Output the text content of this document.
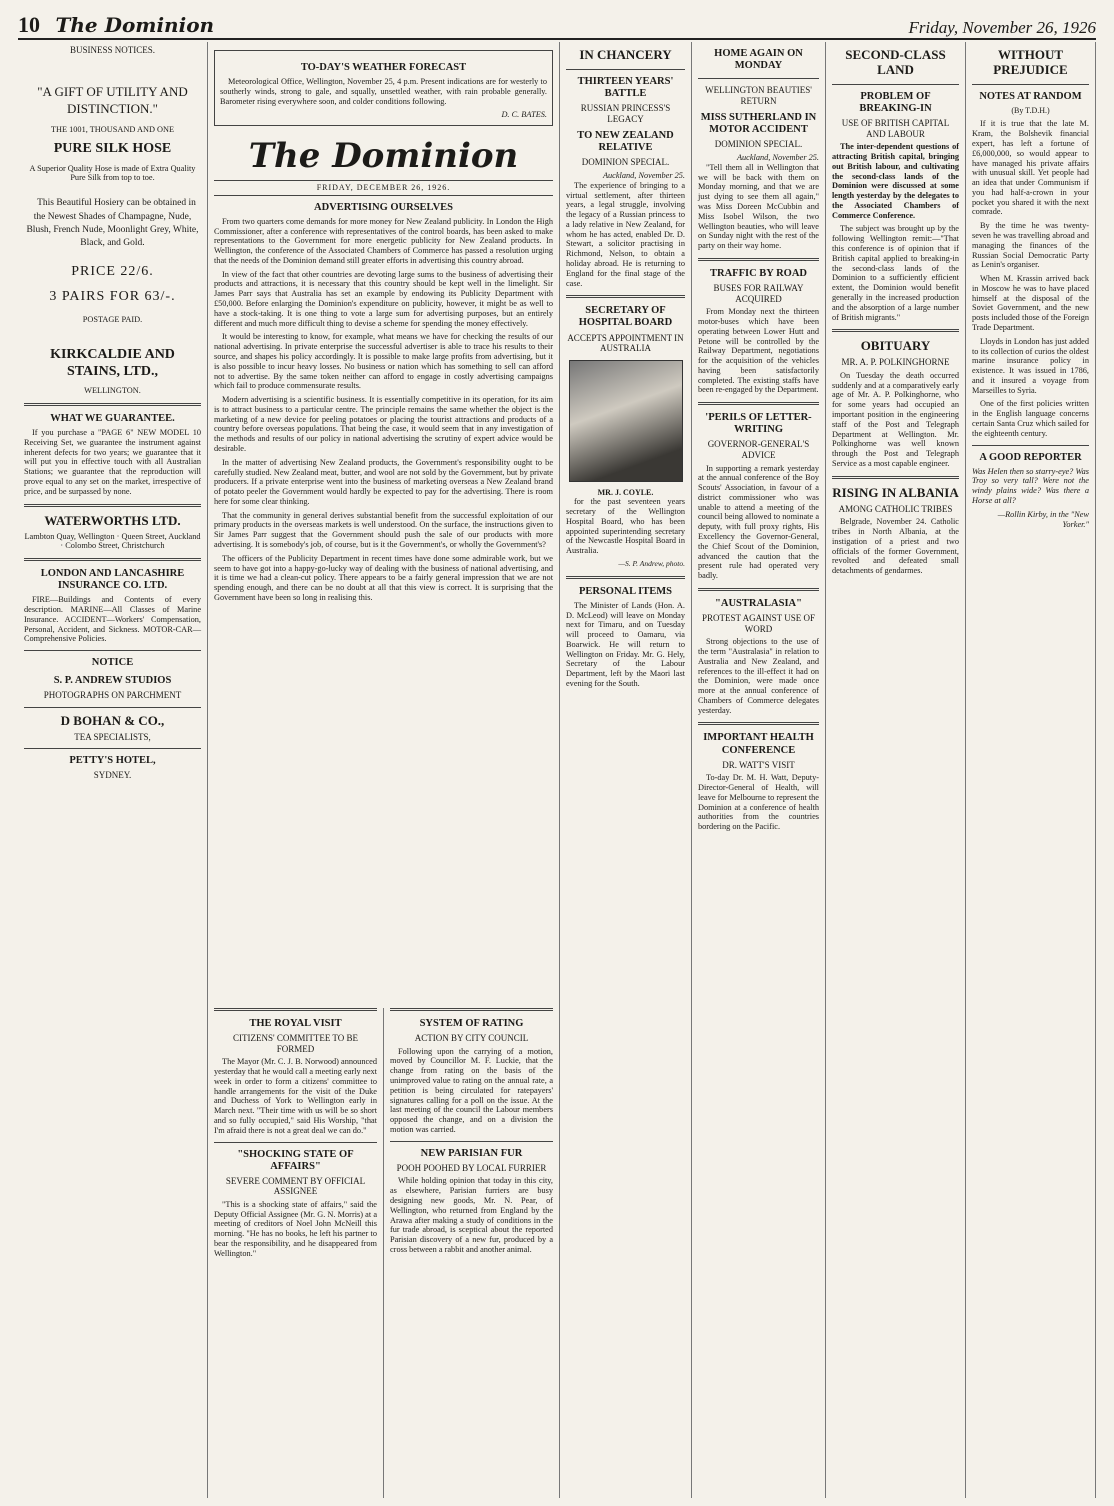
10 The Dominion	Friday, November 26, 1926
BUSINESS NOTICES.
"A GIFT OF UTILITY AND DISTINCTION."
THE 1001, THOUSAND AND ONE
PURE SILK HOSE

A Superior Quality Hose is made of Extra Quality Pure Silk from top to toe.

This Beautiful Hosiery can be obtained in the Newest Shades of Champagne, Nude, Blush, French Nude, Moonlight Grey, White, Black, and Gold.

PRICE 22/6.
3 PAIRS FOR 63/-.
POSTAGE PAID.
KIRKCALDIE AND STAINS, LTD.,
WELLINGTON.
WHAT WE GUARANTEE.

If you purchase a "PAGE 6" NEW MODEL 10 Receiving Set, we guarantee the instrument against inherent defects for two years; we guarantee that it will put you in effective touch with all Australian Stations; we guarantee that the reproduction will prove equal to any set on the market, irrespective of price, and be surpassed by none.

WATERWORTHS LTD.

Lambton Quay, Wellington · Queen Street, Auckland · Colombo Street, Christchurch

LONDON AND LANCASHIRE INSURANCE CO. LTD.

FIRE—Buildings and Contents of every description. MARINE—All Classes of Marine Insurance. ACCIDENT—Workers' Compensation, Personal, Accident, and Sickness. MOTOR-CAR—Comprehensive Policies.

NOTICE
S. P. ANDREW STUDIOS
PHOTOGRAPHS ON PARCHMENT
D BOHAN & CO.,
TEA SPECIALISTS,
PETTY'S HOTEL,
SYDNEY.
TO-DAY'S WEATHER FORECAST

Meteorological Office, Wellington, November 25, 4 p.m. Present indications are for westerly to southerly winds, strong to gale, and squally, unsettled weather, with rain probable generally. Barometer rising everywhere soon, and colder conditions following.

D. C. BATES.
The Dominion
FRIDAY, DECEMBER 26, 1926.
ADVERTISING OURSELVES

From two quarters come demands for more money for New Zealand publicity. In London the High Commissioner, after a conference with representatives of the control boards, has been asked to make representations to the Government for more energetic publicity for New Zealand products. In Wellington, the conference of the Associated Chambers of Commerce has passed a resolution urging that the needs of the Dominion demand still greater efforts in advertising this country abroad.

In view of the fact that other countries are devoting large sums to the business of advertising their products and attractions, it is necessary that this country should be kept well in the limelight. Sir James Parr says that Australia has set an example by endowing its Publicity Department with £50,000. Before enlarging the Dominion's expenditure on publicity, however, it might be as well to have a stock-taking. It is one thing to vote a large sum for advertising purposes, but an entirely different and much more difficult thing to devise a scheme for spending the money effectively.

It would be interesting to know, for example, what means we have for checking the results of our national advertising. In private enterprise the successful advertiser is able to trace his results to their source, and shapes his policy accordingly. It is possible to make large profits from advertising, but it is also possible to incur heavy losses. No business or nation which has something to sell can afford not to advertise. By the same token neither can afford to engage in costly advertising campaigns which fail to produce commensurate results.

Modern advertising is a scientific business. It is essentially competitive in its operation, for its aim is to attract business to a particular centre. The principle remains the same whether the object is the marketing of a new device for peeling potatoes or placing the tourist attractions and products of a country before overseas populations. That being the case, it would seem that in any investigation of the methods and results of our policy in national advertising the scrutiny of expert advice would be desirable.

In the matter of advertising New Zealand products, the Government's responsibility ought to be carefully studied. New Zealand meat, butter, and wool are not sold by the Government, but by private producers. If a private enterprise went into the business of marketing overseas a New Zealand brand of potato peeler the Government would hardly be expected to pay for the advertising. There is room here for some clear thinking.

That the community in general derives substantial benefit from the successful exploitation of our primary products in the overseas markets is well understood. On the surface, the instructions given to Sir James Parr suggest that the Government should push the sale of our products with more advertising. It is somebody's job, of course, but is it the Government's, or wholly the Government's?

The officers of the Publicity Department in recent times have done some admirable work, but we seem to have got into a happy-go-lucky way of dealing with the business of national advertising, and it is time we had a clean-cut policy. There appears to be a fairly general impression that we are not spending enough, and there can be no doubt at all that this view is correct. It is surprising that the Government have been so long in realising this.

THE ROYAL VISIT
CITIZENS' COMMITTEE TO BE FORMED

The Mayor (Mr. C. J. B. Norwood) announced yesterday that he would call a meeting early next week in order to form a citizens' committee to handle arrangements for the visit of the Duke and Duchess of York to Wellington early in March next. "Their time with us will be so short and so fully occupied," said His Worship, "that I'm afraid there is not a great deal we can do."

"SHOCKING STATE OF AFFAIRS"
SEVERE COMMENT BY OFFICIAL ASSIGNEE

"This is a shocking state of affairs," said the Deputy Official Assignee (Mr. G. N. Morris) at a meeting of creditors of Noel John McNeill this morning. "He has no books, he left his partner to bear the responsibility, and he disappeared from Wellington."

SYSTEM OF RATING
ACTION BY CITY COUNCIL

Following upon the carrying of a motion, moved by Councillor M. F. Luckie, that the change from rating on the basis of the unimproved value to rating on the annual rate, a petition is being circulated for ratepayers' signatures calling for a poll on the issue. At the last meeting of the council the Labour members opposed the change, and on a division the motion was carried.

NEW PARISIAN FUR
POOH POOHED BY LOCAL FURRIER

While holding opinion that today in this city, as elsewhere, Parisian furriers are busy designing new goods, Mr. N. Pear, of Wellington, who returned from England by the Arawa after making a study of conditions in the fur trade abroad, is sceptical about the reported Parisian discovery of a new fur, produced by a cross between a rabbit and another animal.

IN CHANCERY
THIRTEEN YEARS' BATTLE
RUSSIAN PRINCESS'S LEGACY
TO NEW ZEALAND RELATIVE
DOMINION SPECIAL.
Auckland, November 25.

The experience of bringing to a virtual settlement, after thirteen years, a legal struggle, involving the legacy of a Russian princess to a lady relative in New Zealand, for whom he has acted, enabled Dr. D. Stewart, a solicitor practising in Richmond, Nelson, to obtain a holiday abroad. He is returning to England for the final stage of the case.

SECRETARY OF HOSPITAL BOARD
ACCEPTS APPOINTMENT IN AUSTRALIA
MR. J. COYLE.

for the past seventeen years secretary of the Wellington Hospital Board, who has been appointed superintending secretary of the Newcastle Hospital Board in Australia.

—S. P. Andrew, photo.
PERSONAL ITEMS

The Minister of Lands (Hon. A. D. McLeod) will leave on Monday next for Timaru, and on Tuesday will proceed to Oamaru, via Boarwick. He will return to Wellington on Friday. Mr. G. Hely, Secretary of the Labour Department, left by the Maori last evening for the South.

HOME AGAIN ON MONDAY
WELLINGTON BEAUTIES' RETURN
MISS SUTHERLAND IN MOTOR ACCIDENT
DOMINION SPECIAL.
Auckland, November 25.

"Tell them all in Wellington that we will be back with them on Monday morning, and that we are just dying to see them all again," was Miss Doreen McCubbin and Miss Isobel Wilson, the two Wellington beauties, who will leave on Sunday night with the rest of the party on their way home.

TRAFFIC BY ROAD
BUSES FOR RAILWAY ACQUIRED

From Monday next the thirteen motor-buses which have been operating between Lower Hutt and Petone will be controlled by the Railway Department, negotiations for the acquisition of the vehicles having been satisfactorily completed. The existing staffs have been re-engaged by the Department.

'PERILS OF LETTER-WRITING
GOVERNOR-GENERAL'S ADVICE

In supporting a remark yesterday at the annual conference of the Boy Scouts' Association, in favour of a district commissioner who was unable to attend a meeting of the council being allowed to nominate a deputy, with full proxy rights, His Excellency the Governor-General, the Chief Scout of the Dominion, advanced the caution that the present rule had operated very badly.

"AUSTRALASIA"
PROTEST AGAINST USE OF WORD

Strong objections to the use of the term "Australasia" in relation to Australia and New Zealand, and references to the ill-effect it had on the Dominion, were made once more at the annual conference of Chambers of Commerce delegates yesterday.

IMPORTANT HEALTH CONFERENCE
DR. WATT'S VISIT

To-day Dr. M. H. Watt, Deputy-Director-General of Health, will leave for Melbourne to represent the Dominion at a conference of health authorities from the countries bordering on the Pacific.

SECOND-CLASS LAND
PROBLEM OF BREAKING-IN
USE OF BRITISH CAPITAL AND LABOUR

The inter-dependent questions of attracting British capital, bringing out British labour, and cultivating the second-class lands of the Dominion were discussed at some length yesterday by the delegates to the Associated Chambers of Commerce Conference.

The subject was brought up by the following Wellington remit:—"That this conference is of opinion that if British capital applied to breaking-in the second-class lands of the Dominion to a sufficiently efficient extent, the Dominion would benefit generally in the increased production and the absorption of a large number of British migrants."

OBITUARY
MR. A. P. POLKINGHORNE

On Tuesday the death occurred suddenly and at a comparatively early age of Mr. A. P. Polkinghorne, who for some years had occupied an important position in the engineering staff of the Post and Telegraph Department at Wellington. Mr. Polkinghorne was well known through the Post and Telegraph Service as a most capable engineer.

RISING IN ALBANIA
AMONG CATHOLIC TRIBES

Belgrade, November 24. Catholic tribes in North Albania, at the instigation of a priest and two officials of the former Government, revolted and defeated small detachments of gendarmes.

WITHOUT PREJUDICE
NOTES AT RANDOM
(By T.D.H.)

If it is true that the late M. Kram, the Bolshevik financial expert, has left a fortune of £6,000,000, so would appear to have managed his private affairs with unusual skill. Yet people had an idea that under Communism if you had half-a-crown in your pocket you shared it with the next comrade.

By the time he was twenty-seven he was travelling abroad and managing the finances of the Russian Social Democratic Party as Lenin's organiser.

When M. Krassin arrived back in Moscow he was to have placed himself at the disposal of the Soviet Government, and the new posts included those of the Foreign Trade Department.

Lloyds in London has just added to its collection of curios the oldest marine insurance policy in existence. It was issued in 1786, and it insured a voyage from Marseilles to Syria.

One of the first policies written in the English language concerns certain Santa Cruz which sailed for the eighteenth century.

A GOOD REPORTER

Was Helen then so starry-eye? Was Troy so very tall? Were not the windy plains wide? Was there a Horse at all?

—Rollin Kirby, in the "New Yorker."
